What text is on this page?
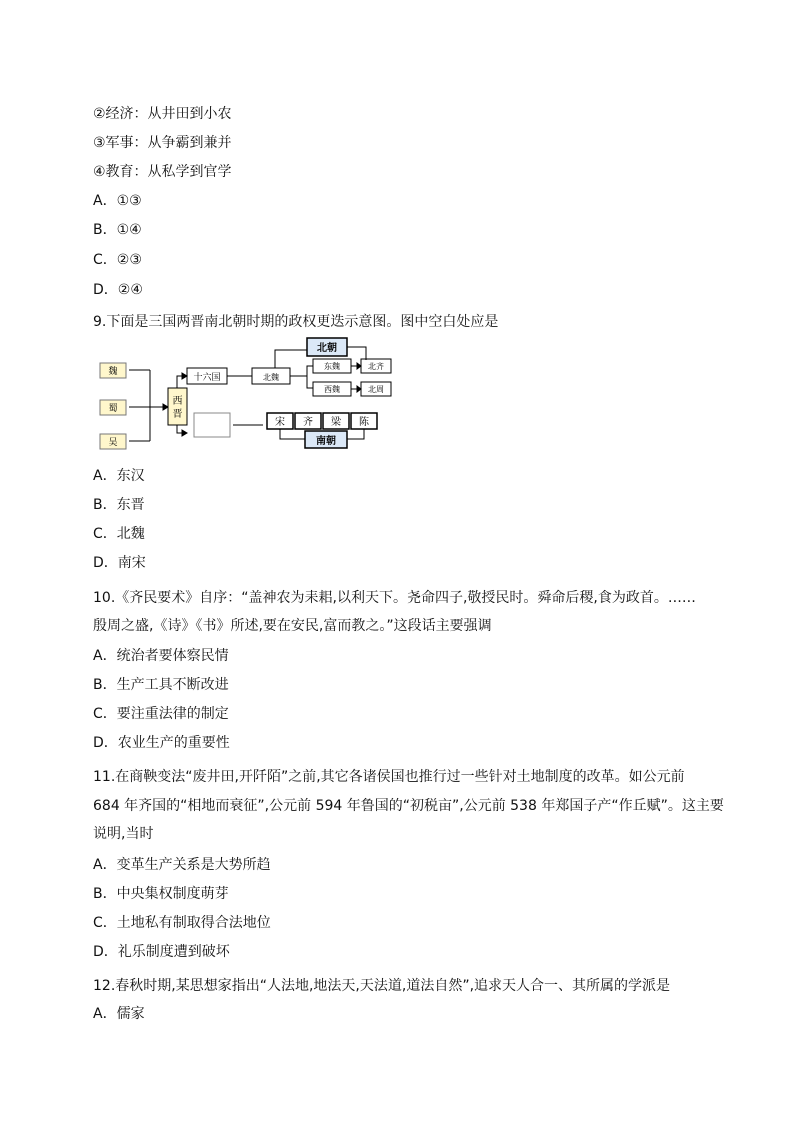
②经济：从井田到小农
③军事：从争霸到兼并
④教育：从私学到官学
A．①③
B．①④
C．②③
D．②④
9.下面是三国两晋南北朝时期的政权更迭示意图。图中空白处应是
魏
蜀
吴
西
晋
十六国	北魏
北朝
东魏
西魏
北齐
北周
宋 齐 梁 陈
南朝
A．东汉
B．东晋
C．北魏
D．南宋
10.《齐民要术》自序：“盖神农为耒耜,以利天下。尧命四子,敬授民时。舜命后稷,食为政首。……
殷周之盛,《诗》《书》所述,要在安民,富而教之。”这段话主要强调
A．统治者要体察民情
B．生产工具不断改进
C．要注重法律的制定
D．农业生产的重要性
11.在商鞅变法“废井田,开阡陌”之前,其它各诸侯国也推行过一些针对土地制度的改革。如公元前
684 年齐国的“相地而衰征”,公元前 594 年鲁国的“初税亩”,公元前 538 年郑国子产“作丘赋”。这主要
说明,当时
A．变革生产关系是大势所趋
B．中央集权制度萌芽
C．土地私有制取得合法地位
D．礼乐制度遭到破坏
12.春秋时期,某思想家指出“人法地,地法天,天法道,道法自然”,追求天人合一、其所属的学派是
A．儒家
